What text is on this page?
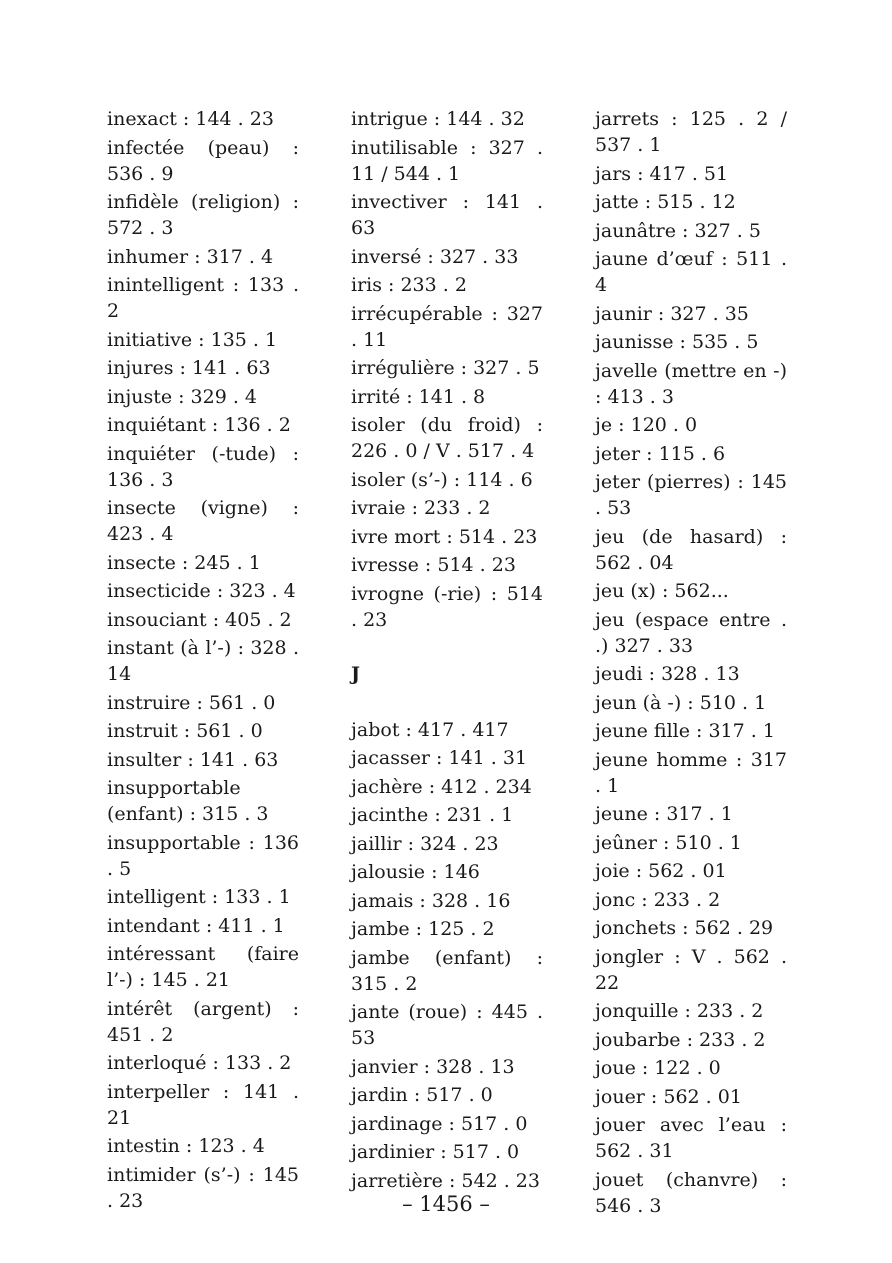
inexact : 144 . 23
infectée (peau) : 536 . 9
infidèle (religion) : 572 . 3
inhumer : 317 . 4
inintelligent : 133 . 2
initiative : 135 . 1
injures : 141 . 63
injuste : 329 . 4
inquiétant : 136 . 2
inquiéter (-tude) : 136 . 3
insecte (vigne) : 423 . 4
insecte : 245 . 1
insecticide : 323 . 4
insouciant : 405 . 2
instant (à l’-) : 328 . 14
instruire : 561 . 0
instruit : 561 . 0
insulter : 141 . 63
insupportable (enfant) : 315 . 3
insupportable : 136 . 5
intelligent : 133 . 1
intendant : 411 . 1
intéressant (faire l’-) : 145 . 21
intérêt (argent) : 451 . 2
interloqué : 133 . 2
interpeller : 141 . 21
intestin : 123 . 4
intimider (s’-) : 145 . 23
intrigue : 144 . 32
inutilisable : 327 . 11 / 544 . 1
invectiver : 141 . 63
inversé : 327 . 33
iris : 233 . 2
irrécupérable : 327 . 11
irrégulière : 327 . 5
irrité : 141 . 8
isoler (du froid) : 226 . 0 / V . 517 . 4
isoler (s’-) : 114 . 6
ivraie : 233 . 2
ivre mort : 514 . 23
ivresse : 514 . 23
ivrogne (-rie) : 514 . 23
J
jabot : 417 . 417
jacasser : 141 . 31
jachère : 412 . 234
jacinthe : 231 . 1
jaillir : 324 . 23
jalousie : 146
jamais : 328 . 16
jambe : 125 . 2
jambe (enfant) : 315 . 2
jante (roue) : 445 . 53
janvier : 328 . 13
jardin : 517 . 0
jardinage : 517 . 0
jardinier : 517 . 0
jarretière : 542 . 23
jarrets : 125 . 2 / 537 . 1
jars : 417 . 51
jatte : 515 . 12
jaunâtre : 327 . 5
jaune d’œuf : 511 . 4
jaunir : 327 . 35
jaunisse : 535 . 5
javelle (mettre en -) : 413 . 3
je : 120 . 0
jeter : 115 . 6
jeter (pierres) : 145 . 53
jeu (de hasard) : 562 . 04
jeu (x) : 562...
jeu (espace entre . .) 327 . 33
jeudi : 328 . 13
jeun (à -) : 510 . 1
jeune fille : 317 . 1
jeune homme : 317 . 1
jeune : 317 . 1
jeûner : 510 . 1
joie : 562 . 01
jonc : 233 . 2
jonchets : 562 . 29
jongler : V . 562 . 22
jonquille : 233 . 2
joubarbe : 233 . 2
joue : 122 . 0
jouer : 562 . 01
jouer avec l’eau : 562 . 31
jouet (chanvre) : 546 . 3
– 1456 –
